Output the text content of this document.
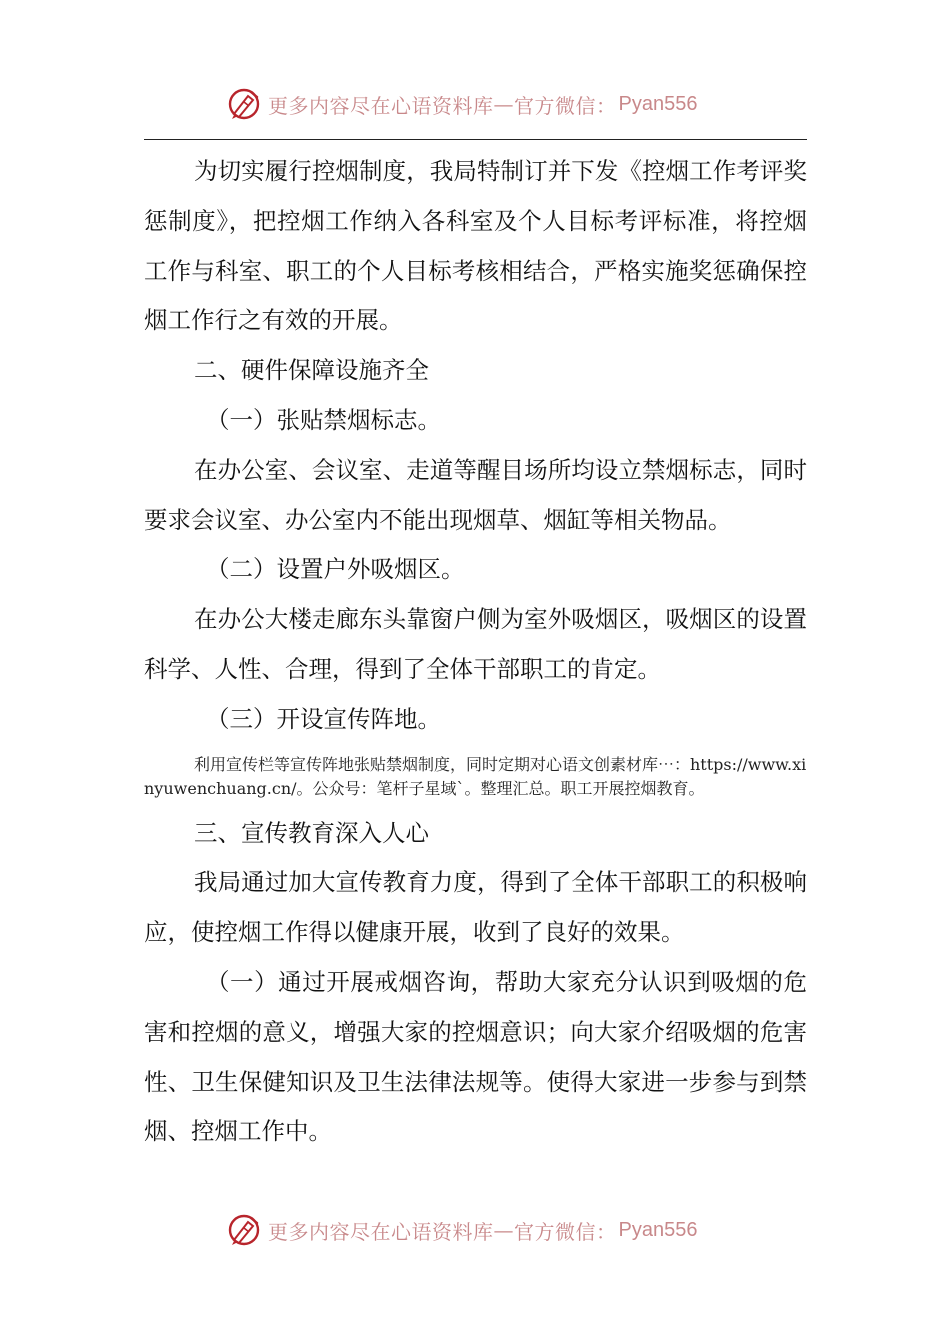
更多内容尽在心语资料库 — 官方微信： Pyan556

为切实履行控烟制度，我局特制订并下发《控烟工作考评奖惩制度》，把控烟工作纳入各科室及个人目标考评标准，将控烟工作与科室、职工的个人目标考核相结合，严格实施奖惩确保控烟工作行之有效的开展。

二、硬件保障设施齐全

（一）张贴禁烟标志。

在办公室、会议室、走道等醒目场所均设立禁烟标志，同时要求会议室、办公室内不能出现烟草、烟缸等相关物品。

（二）设置户外吸烟区。

在办公大楼走廊东头靠窗户侧为室外吸烟区，吸烟区的设置科学、人性、合理，得到了全体干部职工的肯定。

（三）开设宣传阵地。

利用宣传栏等宣传阵地张贴禁烟制度，同时定期对心语文创素材库⋯：https://www.xinyuwenchuang.cn/。公众号：笔杆子星域`。整理汇总。职工开展控烟教育。

三、宣传教育深入人心

我局通过加大宣传教育力度，得到了全体干部职工的积极响应，使控烟工作得以健康开展，收到了良好的效果。

（一）通过开展戒烟咨询，帮助大家充分认识到吸烟的危害和控烟的意义，增强大家的控烟意识；向大家介绍吸烟的危害性、卫生保健知识及卫生法律法规等。使得大家进一步参与到禁烟、控烟工作中。

更多内容尽在心语资料库 — 官方微信： Pyan556
